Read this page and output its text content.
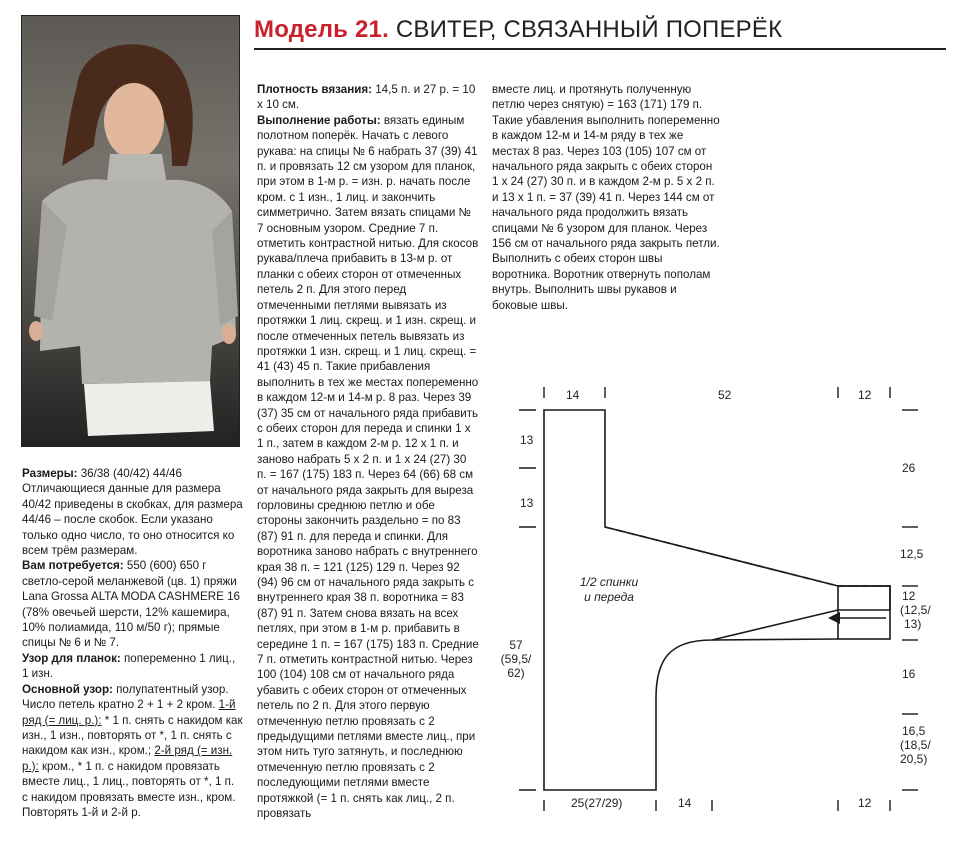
Модель 21. СВИТЕР, СВЯЗАННЫЙ ПОПЕРЁК

Размеры: 36/38 (40/42) 44/46

Отличающиеся данные для размера 40/42 приведены в скобках, для размера 44/46 – после скобок. Если указано только одно число, то оно относится ко всем трём размерам.

Вам потребуется: 550 (600) 650 г светло-серой меланжевой (цв. 1) пряжи Lana Grossa ALTA MODA CASHMERE 16 (78% овечьей шерсти, 12% кашемира, 10% полиамида, 110 м/50 г); прямые спицы № 6 и № 7.

Узор для планок: попеременно 1 лиц., 1 изн.

Основной узор: полупатентный узор. Число петель кратно 2 + 1 + 2 кром. 1-й ряд (= лиц. р.): * 1 п. снять с накидом как изн., 1 изн., повторять от *, 1 п. снять с накидом как изн., кром.; 2-й ряд (= изн. р.): кром., * 1 п. с накидом провязать вместе лиц., 1 лиц., повторять от *, 1 п. с накидом провязать вместе изн., кром. Повторять 1-й и 2-й р.

Плотность вязания: 14,5 п. и 27 р. = 10 х 10 см.

Выполнение работы: вязать единым полотном поперёк. Начать с левого рукава: на спицы № 6 набрать 37 (39) 41 п. и провязать 12 см узором для планок, при этом в 1-м р. = изн. р. начать после кром. с 1 изн., 1 лиц. и закончить симметрично. Затем вязать спицами № 7 основным узором. Средние 7 п. отметить контрастной нитью. Для скосов рукава/плеча прибавить в 13-м р. от планки с обеих сторон от отмеченных петель 2 п. Для этого перед отмеченными петлями вывязать из протяжки 1 лиц. скрещ. и 1 изн. скрещ. и после отмеченных петель вывязать из протяжки 1 изн. скрещ. и 1 лиц. скрещ. = 41 (43) 45 п. Такие прибавления выполнить в тех же местах попеременно в каждом 12-м и 14-м р. 8 раз. Через 39 (37) 35 см от начального ряда прибавить с обеих сторон для переда и спинки 1 х 1 п., затем в каждом 2-м р. 12 х 1 п. и заново набрать 5 х 2 п. и 1 х 24 (27) 30 п. = 167 (175) 183 п. Через 64 (66) 68 см от начального ряда закрыть для выреза горловины среднюю петлю и обе стороны закончить раздельно = по 83 (87) 91 п. для переда и спинки. Для воротника заново набрать с внутреннего края 38 п. = 121 (125) 129 п. Через 92 (94) 96 см от начального ряда закрыть с внутреннего края 38 п. воротника = 83 (87) 91 п. Затем снова вязать на всех петлях, при этом в 1-м р. прибавить в середине 1 п. = 167 (175) 183 п. Средние 7 п. отметить контрастной нитью. Через 100 (104) 108 см от начального ряда убавить с обеих сторон от отмеченных петель по 2 п. Для этого первую отмеченную петлю провязать с 2 предыдущими петлями вместе лиц., при этом нить туго затянуть, и последнюю отмеченную петлю провязать с 2 последующими петлями вместе протяжкой (= 1 п. снять как лиц., 2 п. провязать

вместе лиц. и протянуть полученную петлю через снятую) = 163 (171) 179 п. Такие убавления выполнить попеременно в каждом 12-м и 14-м ряду в тех же местах 8 раз. Через 103 (105) 107 см от начального ряда закрыть с обеих сторон 1 х 24 (27) 30 п. и в каждом 2-м р. 5 х 2 п. и 13 х 1 п. = 37 (39) 41 п. Через 144 см от начального ряда продолжить вязать спицами № 6 узором для планок. Через 156 см от начального ряда закрыть петли. Выполнить с обеих сторон швы воротника. Воротник отвернуть пополам внутрь. Выполнить швы рукавов и боковые швы.

14	52	12
13
13
57
(59,5/
62)
26
12,5
12
(12,5/
13)
16
16,5
(18,5/
20,5)
25(27/29)	14	12
1/2 спинки
и переда
